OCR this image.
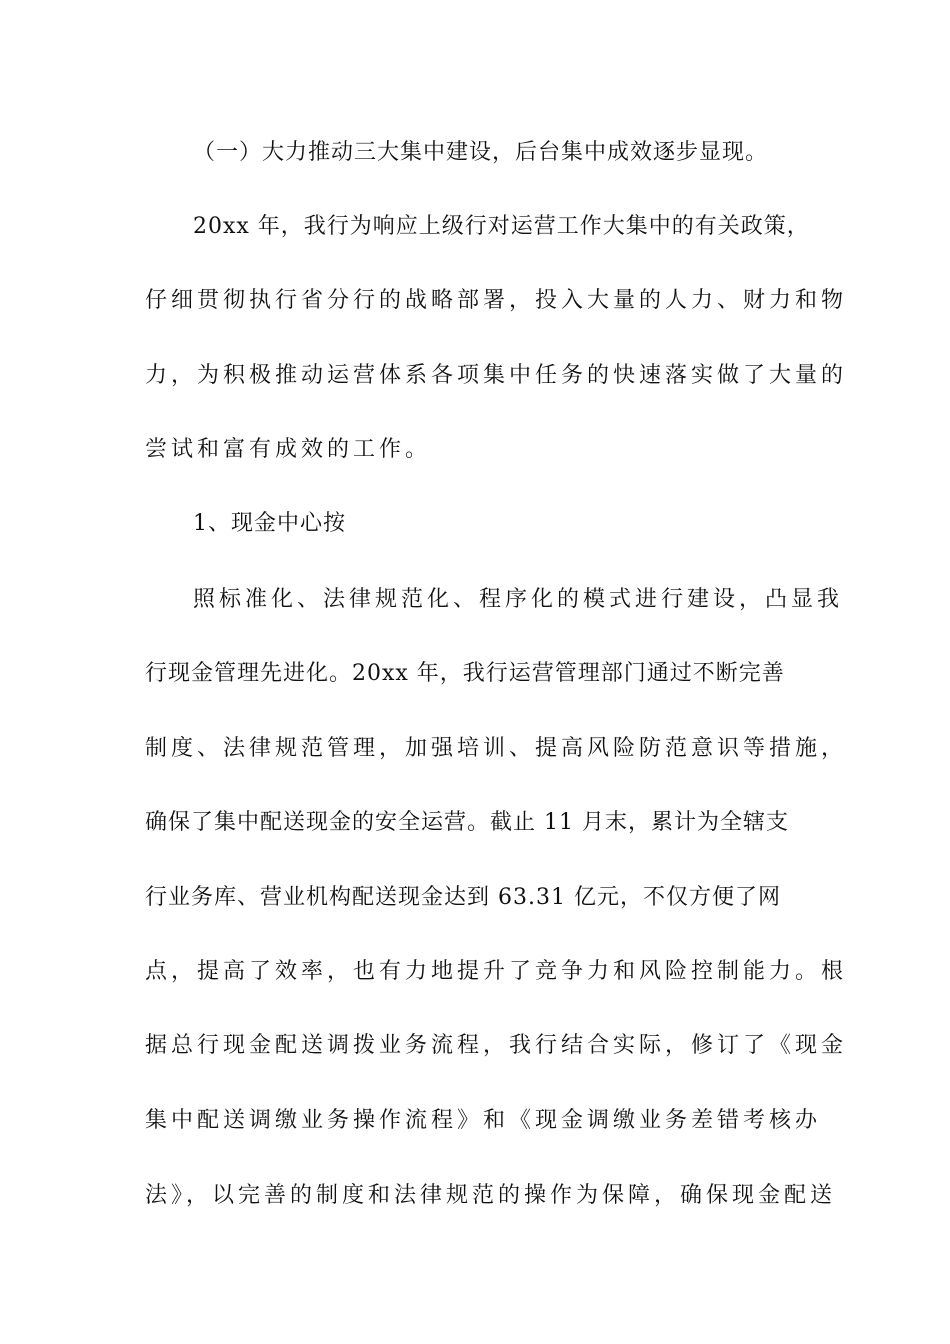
（一）大力推动三大集中建设，后台集中成效逐步显现。
20xx 年，我行为响应上级行对运营工作大集中的有关政策，
仔细贯彻执行省分行的战略部署，投入大量的人力、财力和物
力，为积极推动运营体系各项集中任务的快速落实做了大量的
尝试和富有成效的工作。
1、现金中心按
照标准化、法律规范化、程序化的模式进行建设，凸显我
行现金管理先进化。20xx 年，我行运营管理部门通过不断完善
制度、法律规范管理，加强培训、提高风险防范意识等措施，
确保了集中配送现金的安全运营。截止 11 月末，累计为全辖支
行业务库、营业机构配送现金达到 63.31 亿元，不仅方便了网
点，提高了效率，也有力地提升了竞争力和风险控制能力。根
据总行现金配送调拨业务流程，我行结合实际，修订了《现金
集中配送调缴业务操作流程》和《现金调缴业务差错考核办
法》，以完善的制度和法律规范的操作为保障，确保现金配送
